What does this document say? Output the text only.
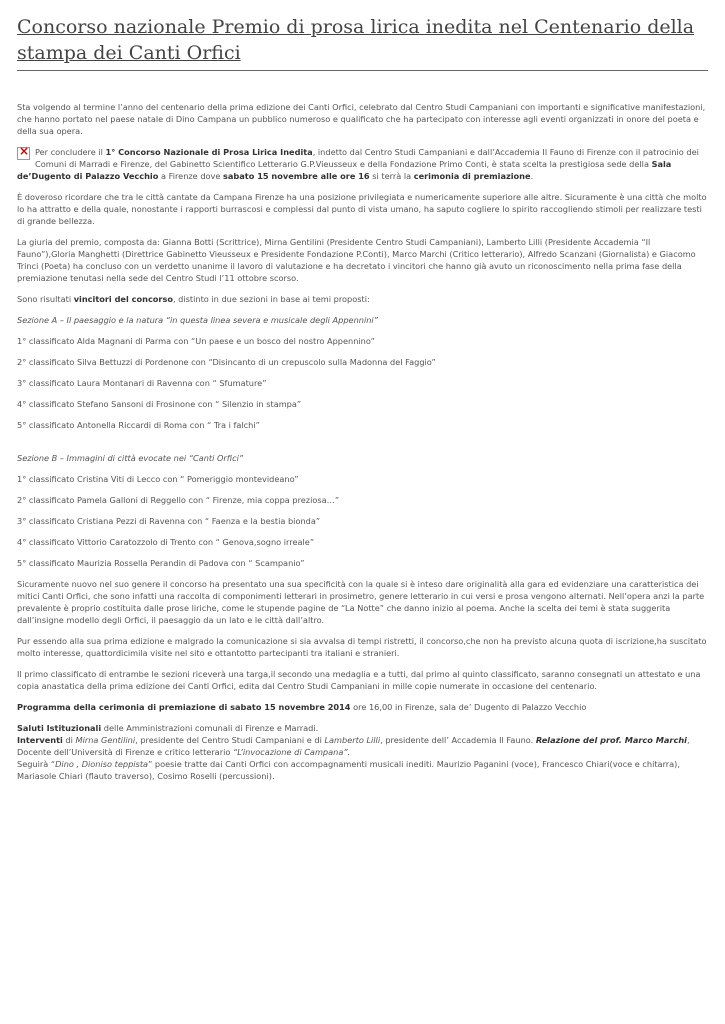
Concorso nazionale Premio di prosa lirica inedita nel Centenario della stampa dei Canti Orfici

Sta volgendo al termine l’anno del centenario della prima edizione dei Canti Orfici, celebrato dal Centro Studi Campaniani con importanti e significative manifestazioni, che hanno portato nel paese natale di Dino Campana un pubblico numeroso e qualificato che ha partecipato con interesse agli eventi organizzati in onore del poeta e della sua opera.

×
Per concludere il 1° Concorso Nazionale di Prosa Lirica Inedita, indetto dal Centro Studi Campaniani e dall’Accademia Il Fauno di Firenze con il patrocinio dei Comuni di Marradi e Firenze, del Gabinetto Scientifico Letterario G.P.Vieusseux e della Fondazione Primo Conti, è stata scelta la prestigiosa sede della Sala de’Dugento di Palazzo Vecchio a Firenze dove sabato 15 novembre alle ore 16 si terrà la cerimonia di premiazione.

È doveroso ricordare che tra le città cantate da Campana Firenze ha una posizione privilegiata e numericamente superiore alle altre. Sicuramente è una città che molto lo ha attratto e della quale, nonostante i rapporti burrascosi e complessi dal punto di vista umano, ha saputo cogliere lo spirito raccogliendo stimoli per realizzare testi di grande bellezza.

La giuria del premio, composta da: Gianna Botti (Scrittrice), Mirna Gentilini (Presidente Centro Studi Campaniani), Lamberto Lilli (Presidente Accademia “Il Fauno”),Gloria Manghetti (Direttrice Gabinetto Vieusseux e Presidente Fondazione P.Conti), Marco Marchi (Critico letterario), Alfredo Scanzani (Giornalista) e Giacomo Trinci (Poeta) ha concluso con un verdetto unanime il lavoro di valutazione e ha decretato i vincitori che hanno già avuto un riconoscimento nella prima fase della premiazione tenutasi nella sede del Centro Studi l’11 ottobre scorso.

Sono risultati vincitori del concorso, distinto in due sezioni in base ai temi proposti:

Sezione A – Il paesaggio e la natura “in questa linea severa e musicale degli Appennini”

1° classificato Alda Magnani di Parma con “Un paese e un bosco del nostro Appennino”

2° classificato Silva Bettuzzi di Pordenone con “Disincanto di un crepuscolo sulla Madonna del Faggio”

3° classificato Laura Montanari di Ravenna con “ Sfumature”

4° classificato Stefano Sansoni di Frosinone con “ Silenzio in stampa”

5° classificato Antonella Riccardi di Roma con “ Tra i falchi”

Sezione B – Immagini di città evocate nei “Canti Orfici”

1° classificato Cristina Viti di Lecco con “ Pomeriggio montevideano”

2° classificato Pamela Galloni di Reggello con “ Firenze, mia coppa preziosa…”

3° classificato Cristiana Pezzi di Ravenna con “ Faenza e la bestia bionda”

4° classificato Vittorio Caratozzolo di Trento con “ Genova,sogno irreale”

5° classificato Maurizia Rossella Perandin di Padova con “ Scampanio”

Sicuramente nuovo nel suo genere il concorso ha presentato una sua specificità con la quale si è inteso dare originalità alla gara ed evidenziare una caratteristica dei mitici Canti Orfici, che sono infatti una raccolta di componimenti letterari in prosimetro, genere letterario in cui versi e prosa vengono alternati. Nell’opera anzi la parte prevalente è proprio costituita dalle prose liriche, come le stupende pagine de “La Notte” che danno inizio al poema. Anche la scelta dei temi è stata suggerita dall’insigne modello degli Orfici, il paesaggio da un lato e le città dall’altro.

Pur essendo alla sua prima edizione e malgrado la comunicazione si sia avvalsa di tempi ristretti, il concorso,che non ha previsto alcuna quota di iscrizione,ha suscitato molto interesse, quattordicimila visite nel sito e ottantotto partecipanti tra italiani e stranieri.

Il primo classificato di entrambe le sezioni riceverà una targa,il secondo una medaglia e a tutti, dal primo al quinto classificato, saranno consegnati un attestato e una copia anastatica della prima edizione dei Canti Orfici, edita dal Centro Studi Campaniani in mille copie numerate in occasione del centenario.

Programma della cerimonia di premiazione di sabato 15 novembre 2014 ore 16,00 in Firenze, sala de’ Dugento di Palazzo Vecchio

Saluti Istituzionali delle Amministrazioni comunali di Firenze e Marradi.
Interventi di Mirna Gentilini, presidente del Centro Studi Campaniani e di Lamberto Lilli, presidente dell’ Accademia Il Fauno. Relazione del prof. Marco Marchi, Docente dell’Università di Firenze e critico letterario “L’invocazione di Campana”.
Seguirà “Dino , Dioniso teppista” poesie tratte dai Canti Orfici con accompagnamenti musicali inediti. Maurizio Paganini (voce), Francesco Chiari(voce e chitarra), Mariasole Chiari (flauto traverso), Cosimo Roselli (percussioni).
